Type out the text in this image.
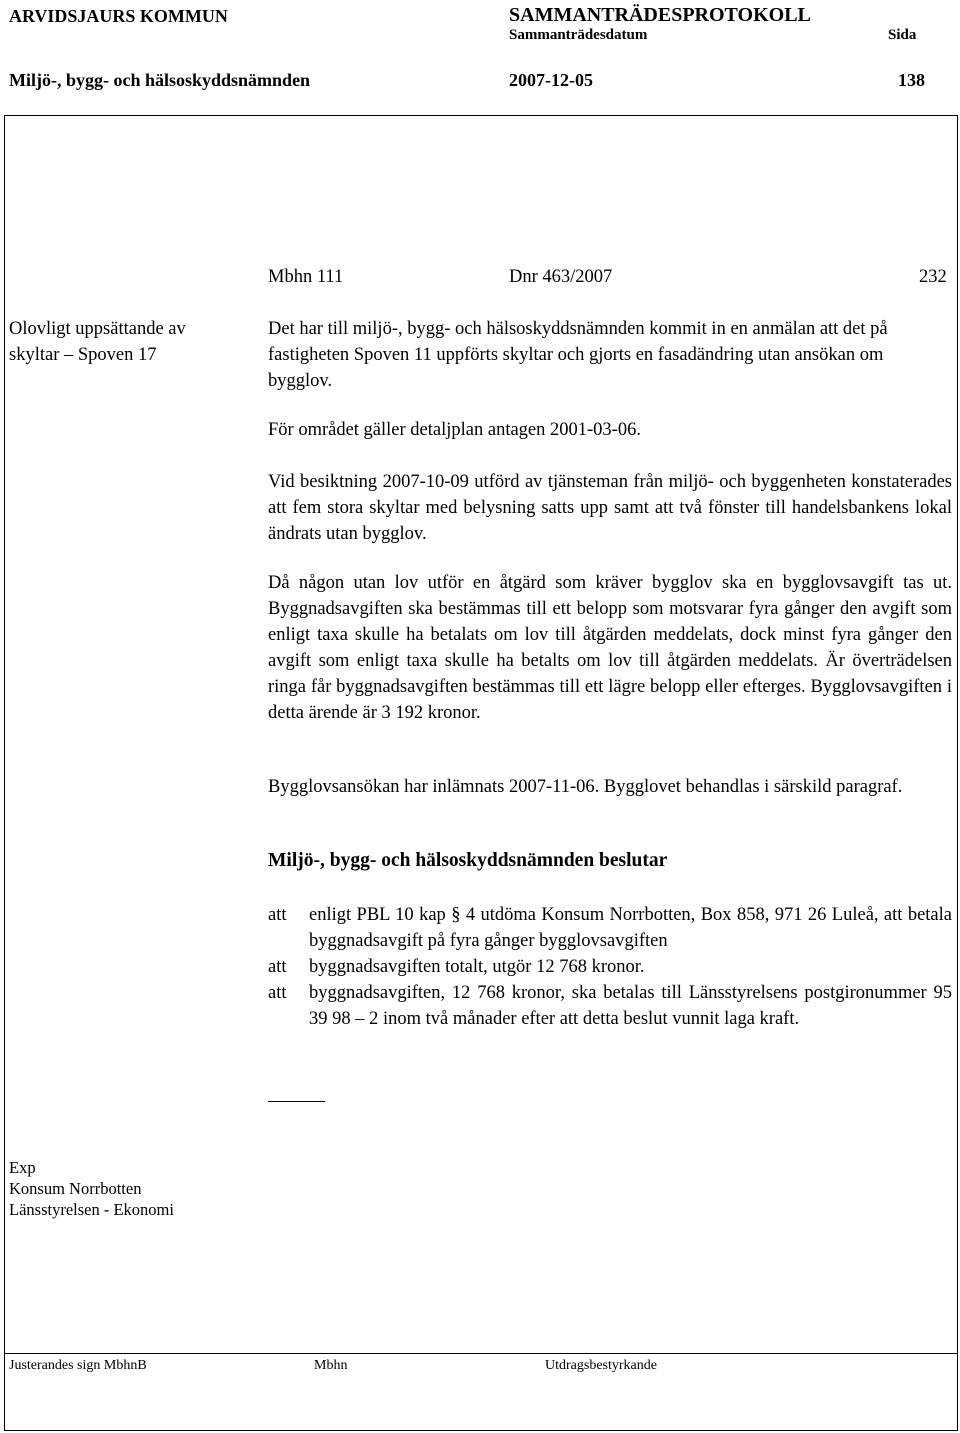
ARVIDSJAURS KOMMUN	SAMMANTRÄDESPROTOKOLL
Sammanträdesdatum	Sida
Miljö-, bygg- och hälsoskyddsnämnden	2007-12-05	138
Mbhn 111	Dnr 463/2007	232
Olovligt uppsättande av
skyltar – Spoven 17
Det har till miljö-, bygg- och hälsoskyddsnämnden kommit in en anmälan att det på fastigheten Spoven 11 uppförts skyltar och gjorts en fasadändring utan ansökan om bygglov.
För området gäller detaljplan antagen 2001-03-06.
Vid besiktning 2007-10-09 utförd av tjänsteman från miljö- och byggenheten konstaterades att fem stora skyltar med belysning satts upp samt att två fönster till handelsbankens lokal ändrats utan bygglov.
Då någon utan lov utför en åtgärd som kräver bygglov ska en bygglovsavgift tas ut. Byggnadsavgiften ska bestämmas till ett belopp som motsvarar fyra gånger den avgift som enligt taxa skulle ha betalats om lov till åtgärden meddelats, dock minst fyra gånger den avgift som enligt taxa skulle ha betalts om lov till åtgärden meddelats. Är överträdelsen ringa får byggnadsavgiften bestämmas till ett lägre belopp eller efterges. Bygglovsavgiften i detta ärende är 3 192 kronor.
Bygglovsansökan har inlämnats 2007-11-06. Bygglovet behandlas i särskild paragraf.
Miljö-, bygg- och hälsoskyddsnämnden beslutar
att enligt PBL 10 kap § 4 utdöma Konsum Norrbotten, Box 858, 971 26 Luleå, att betala byggnadsavgift på fyra gånger bygglovsavgiften
att byggnadsavgiften totalt, utgör 12 768 kronor.
att byggnadsavgiften, 12 768 kronor, ska betalas till Länsstyrelsens postgironummer 95 39 98 – 2 inom två månader efter att detta beslut vunnit laga kraft.
Exp
Konsum Norrbotten
Länsstyrelsen - Ekonomi
Justerandes sign MbhnB	Mbhn	Utdragsbestyrkande
